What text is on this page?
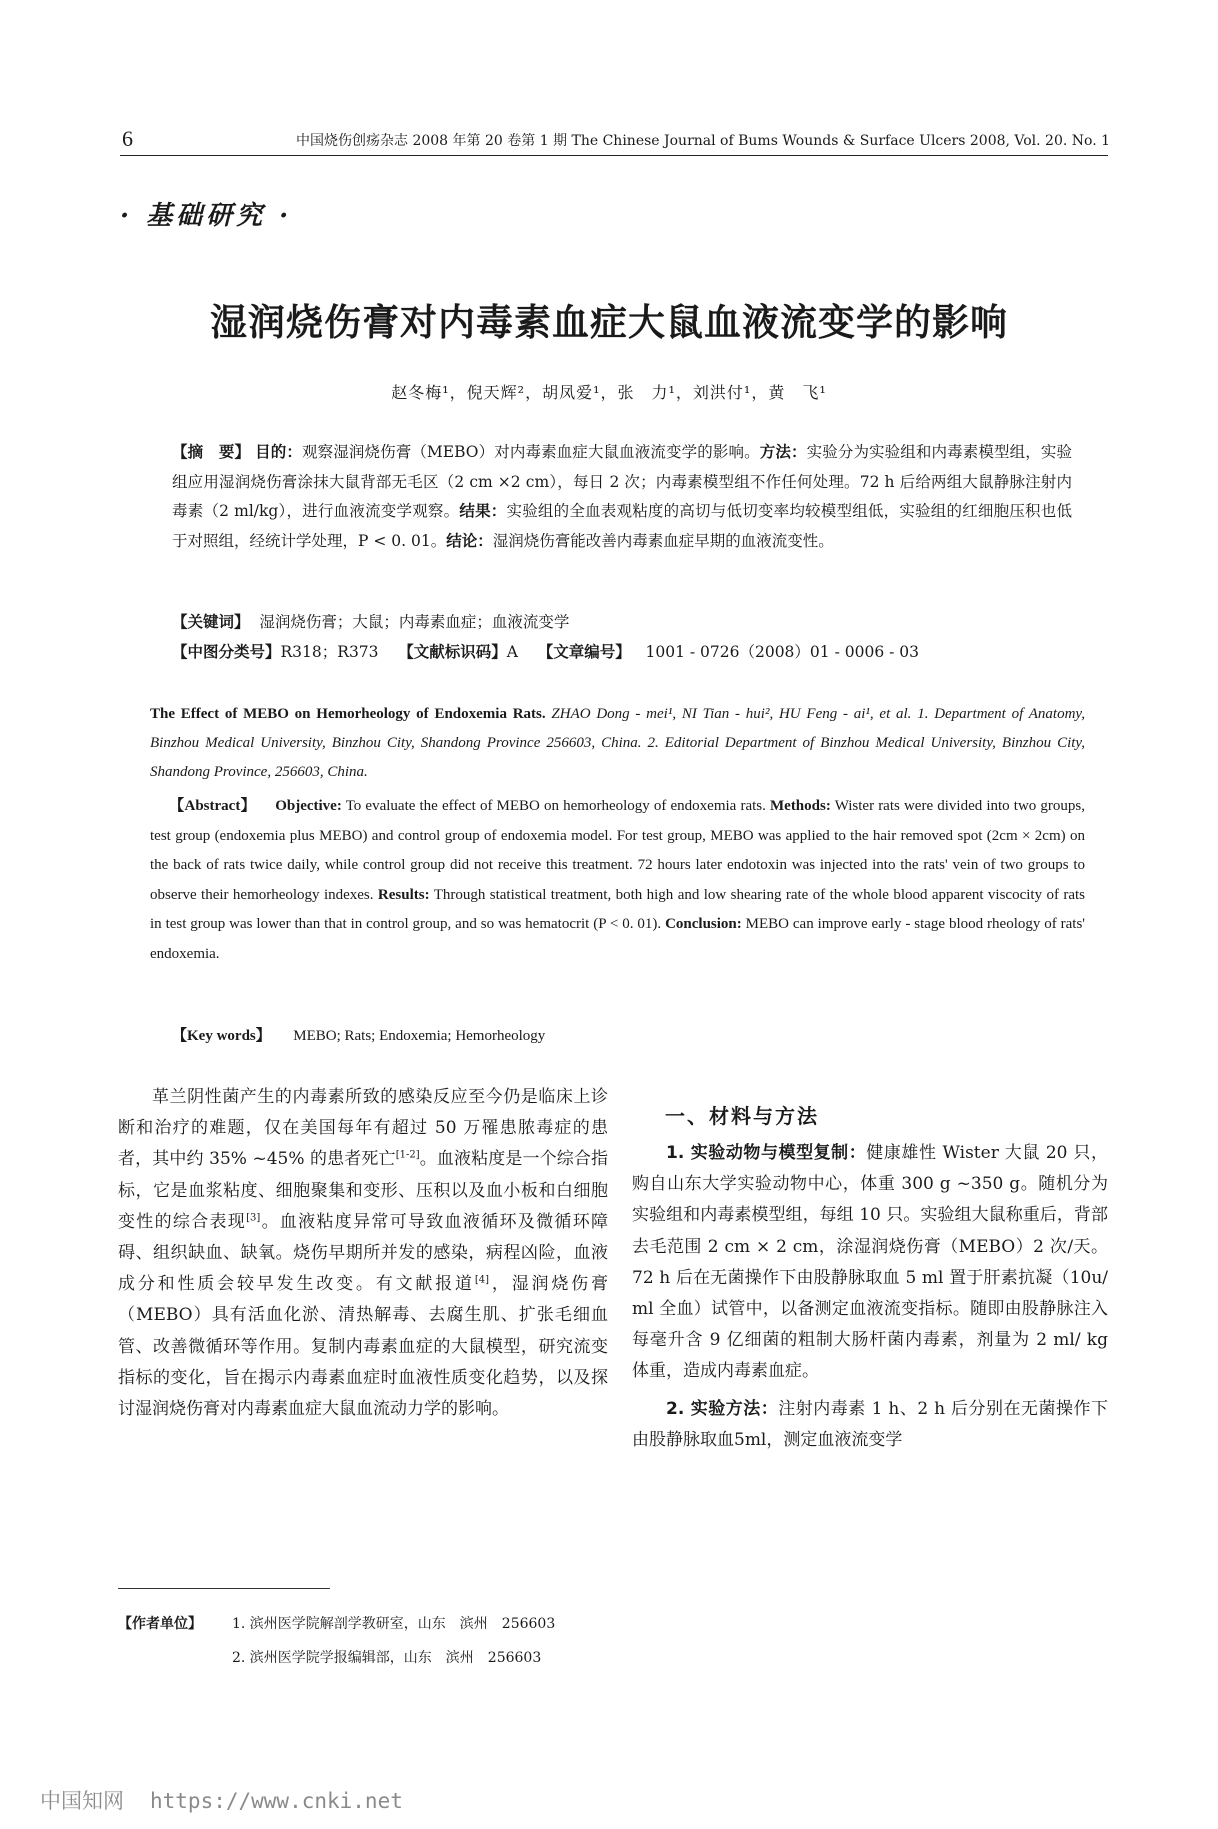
6	中国烧伤创疡杂志 2008 年第 20 卷第 1 期 The Chinese Journal of Bums Wounds & Surface Ulcers 2008, Vol. 20. No. 1
· 基础研究 ·
湿润烧伤膏对内毒素血症大鼠血液流变学的影响
赵冬梅¹，倪天辉²，胡凤爱¹，张　力¹，刘洪付¹，黄　飞¹
【摘　要】 目的：观察湿润烧伤膏（MEBO）对内毒素血症大鼠血液流变学的影响。方法：实验分为实验组和内毒素模型组，实验组应用湿润烧伤膏涂抹大鼠背部无毛区（2 cm ×2 cm），每日 2 次；内毒素模型组不作任何处理。72 h 后给两组大鼠静脉注射内毒素（2 ml/kg），进行血液流变学观察。结果：实验组的全血表观粘度的高切与低切变率均较模型组低，实验组的红细胞压积也低于对照组，经统计学处理，P < 0. 01。结论：湿润烧伤膏能改善内毒素血症早期的血液流变性。
【关键词】 湿润烧伤膏；大鼠；内毒素血症；血液流变学
【中图分类号】R318；R373 【文献标识码】A 【文章编号】 1001 - 0726（2008）01 - 0006 - 03
The Effect of MEBO on Hemorheology of Endoxemia Rats. ZHAO Dong - mei¹, NI Tian - hui², HU Feng - ai¹, et al. 1. Department of Anatomy, Binzhou Medical University, Binzhou City, Shandong Province 256603, China. 2. Editorial Department of Binzhou Medical University, Binzhou City, Shandong Province, 256603, China.
  【Abstract】  Objective: To evaluate the effect of MEBO on hemorheology of endoxemia rats. Methods: Wister rats were divided into two groups, test group (endoxemia plus MEBO) and control group of endoxemia model. For test group, MEBO was applied to the hair removed spot (2cm × 2cm) on the back of rats twice daily, while control group did not receive this treatment. 72 hours later endotoxin was injected into the rats' vein of two groups to observe their hemorheology indexes. Results: Through statistical treatment, both high and low shearing rate of the whole blood apparent viscocity of rats in test group was lower than that in control group, and so was hematocrit (P < 0. 01). Conclusion: MEBO can improve early - stage blood rheology of rats' endoxemia.
【Key words】  MEBO; Rats; Endoxemia; Hemorheology

革兰阴性菌产生的内毒素所致的感染反应至今仍是临床上诊断和治疗的难题，仅在美国每年有超过 50 万罹患脓毒症的患者，其中约 35% ~45% 的患者死亡[1-2]。血液粘度是一个综合指标，它是血浆粘度、细胞聚集和变形、压积以及血小板和白细胞变性的综合表现[3]。血液粘度异常可导致血液循环及微循环障碍、组织缺血、缺氧。烧伤早期所并发的感染，病程凶险，血液成分和性质会较早发生改变。有文献报道[4]，湿润烧伤膏（MEBO）具有活血化淤、清热解毒、去腐生肌、扩张毛细血管、改善微循环等作用。复制内毒素血症的大鼠模型，研究流变指标的变化，旨在揭示内毒素血症时血液性质变化趋势，以及探讨湿润烧伤膏对内毒素血症大鼠血流动力学的影响。

一、材料与方法

1. 实验动物与模型复制：健康雄性 Wister 大鼠 20 只，购自山东大学实验动物中心，体重 300 g ~350 g。随机分为实验组和内毒素模型组，每组 10 只。实验组大鼠称重后，背部去毛范围 2 cm × 2 cm，涂湿润烧伤膏（MEBO）2 次/天。72 h 后在无菌操作下由股静脉取血 5 ml 置于肝素抗凝（10u/ ml 全血）试管中，以备测定血液流变指标。随即由股静脉注入每毫升含 9 亿细菌的粗制大肠杆菌内毒素，剂量为 2 ml/ kg 体重，造成内毒素血症。

2. 实验方法：注射内毒素 1 h、2 h 后分别在无菌操作下由股静脉取血5ml，测定血液流变学

【作者单位】 1. 滨州医学院解剖学教研室，山东　滨州　256603
2. 滨州医学院学报编辑部，山东　滨州　256603
中国知网 https://www.cnki.net
